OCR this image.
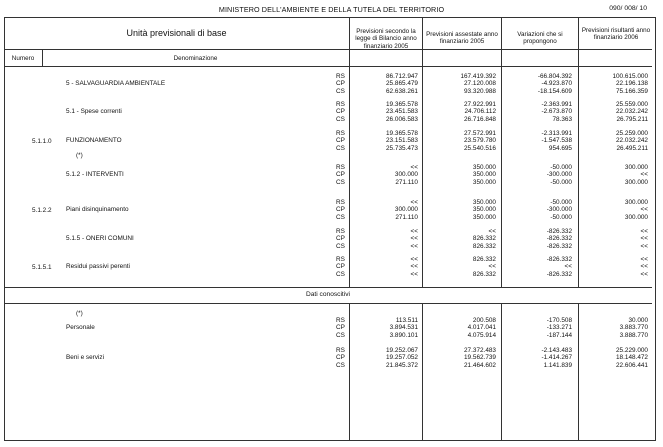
MINISTERO DELL'AMBIENTE E DELLA TUTELA DEL TERRITORIO	090/ 008/ 10
Unità previsionali di base
Numero	Denominazione
Previsioni secondo la legge di Bilancio anno finanziario 2005
Previsioni assestate anno finanziario 2005
Variazioni che si propongono
Previsioni risultanti anno finanziario 2006
5 - SALVAGUARDIA AMBIENTALE
RS	86.712.947	167.419.392	-66.804.392	100.615.000
CP	25.865.479	27.120.008	-4.923.870	22.196.138
CS	62.638.261	93.320.988	-18.154.609	75.166.359
5.1 - Spese correnti
RS	19.365.578	27.922.991	-2.363.991	25.559.000
CP	23.451.583	24.706.112	-2.673.870	22.032.242
CS	26.006.583	26.716.848	78.363	26.795.211
5.1.1.0 FUNZIONAMENTO
RS	19.365.578	27.572.991	-2.313.991	25.259.000
CP	23.151.583	23.579.780	-1.547.538	22.032.242
CS	25.735.473	25.540.516	954.695	26.495.211
(*)
5.1.2 - INTERVENTI
RS	<<	350.000	-50.000	300.000
CP	300.000	350.000	-300.000	<<
CS	271.110	350.000	-50.000	300.000
5.1.2.2 Piani disinquinamento
RS	<<	350.000	-50.000	300.000
CP	300.000	350.000	-300.000	<<
CS	271.110	350.000	-50.000	300.000
5.1.5 - ONERI COMUNI
RS	<<	<<	-826.332	<<
CP	<<	826.332	-826.332	<<
CS	<<	826.332	-826.332	<<
5.1.5.1 Residui passivi perenti
RS	<<	826.332	-826.332	<<
CP	<<	<<	<<	<<
CS	<<	826.332	-826.332	<<
Dati conoscitivi
(*)
Personale
RS	113.511	200.508	-170.508	30.000
CP	3.894.531	4.017.041	-133.271	3.883.770
CS	3.890.101	4.075.914	-187.144	3.888.770
Beni e servizi
RS	19.252.067	27.372.483	-2.143.483	25.229.000
CP	19.257.052	19.562.739	-1.414.267	18.148.472
CS	21.845.372	21.464.602	1.141.839	22.606.441
